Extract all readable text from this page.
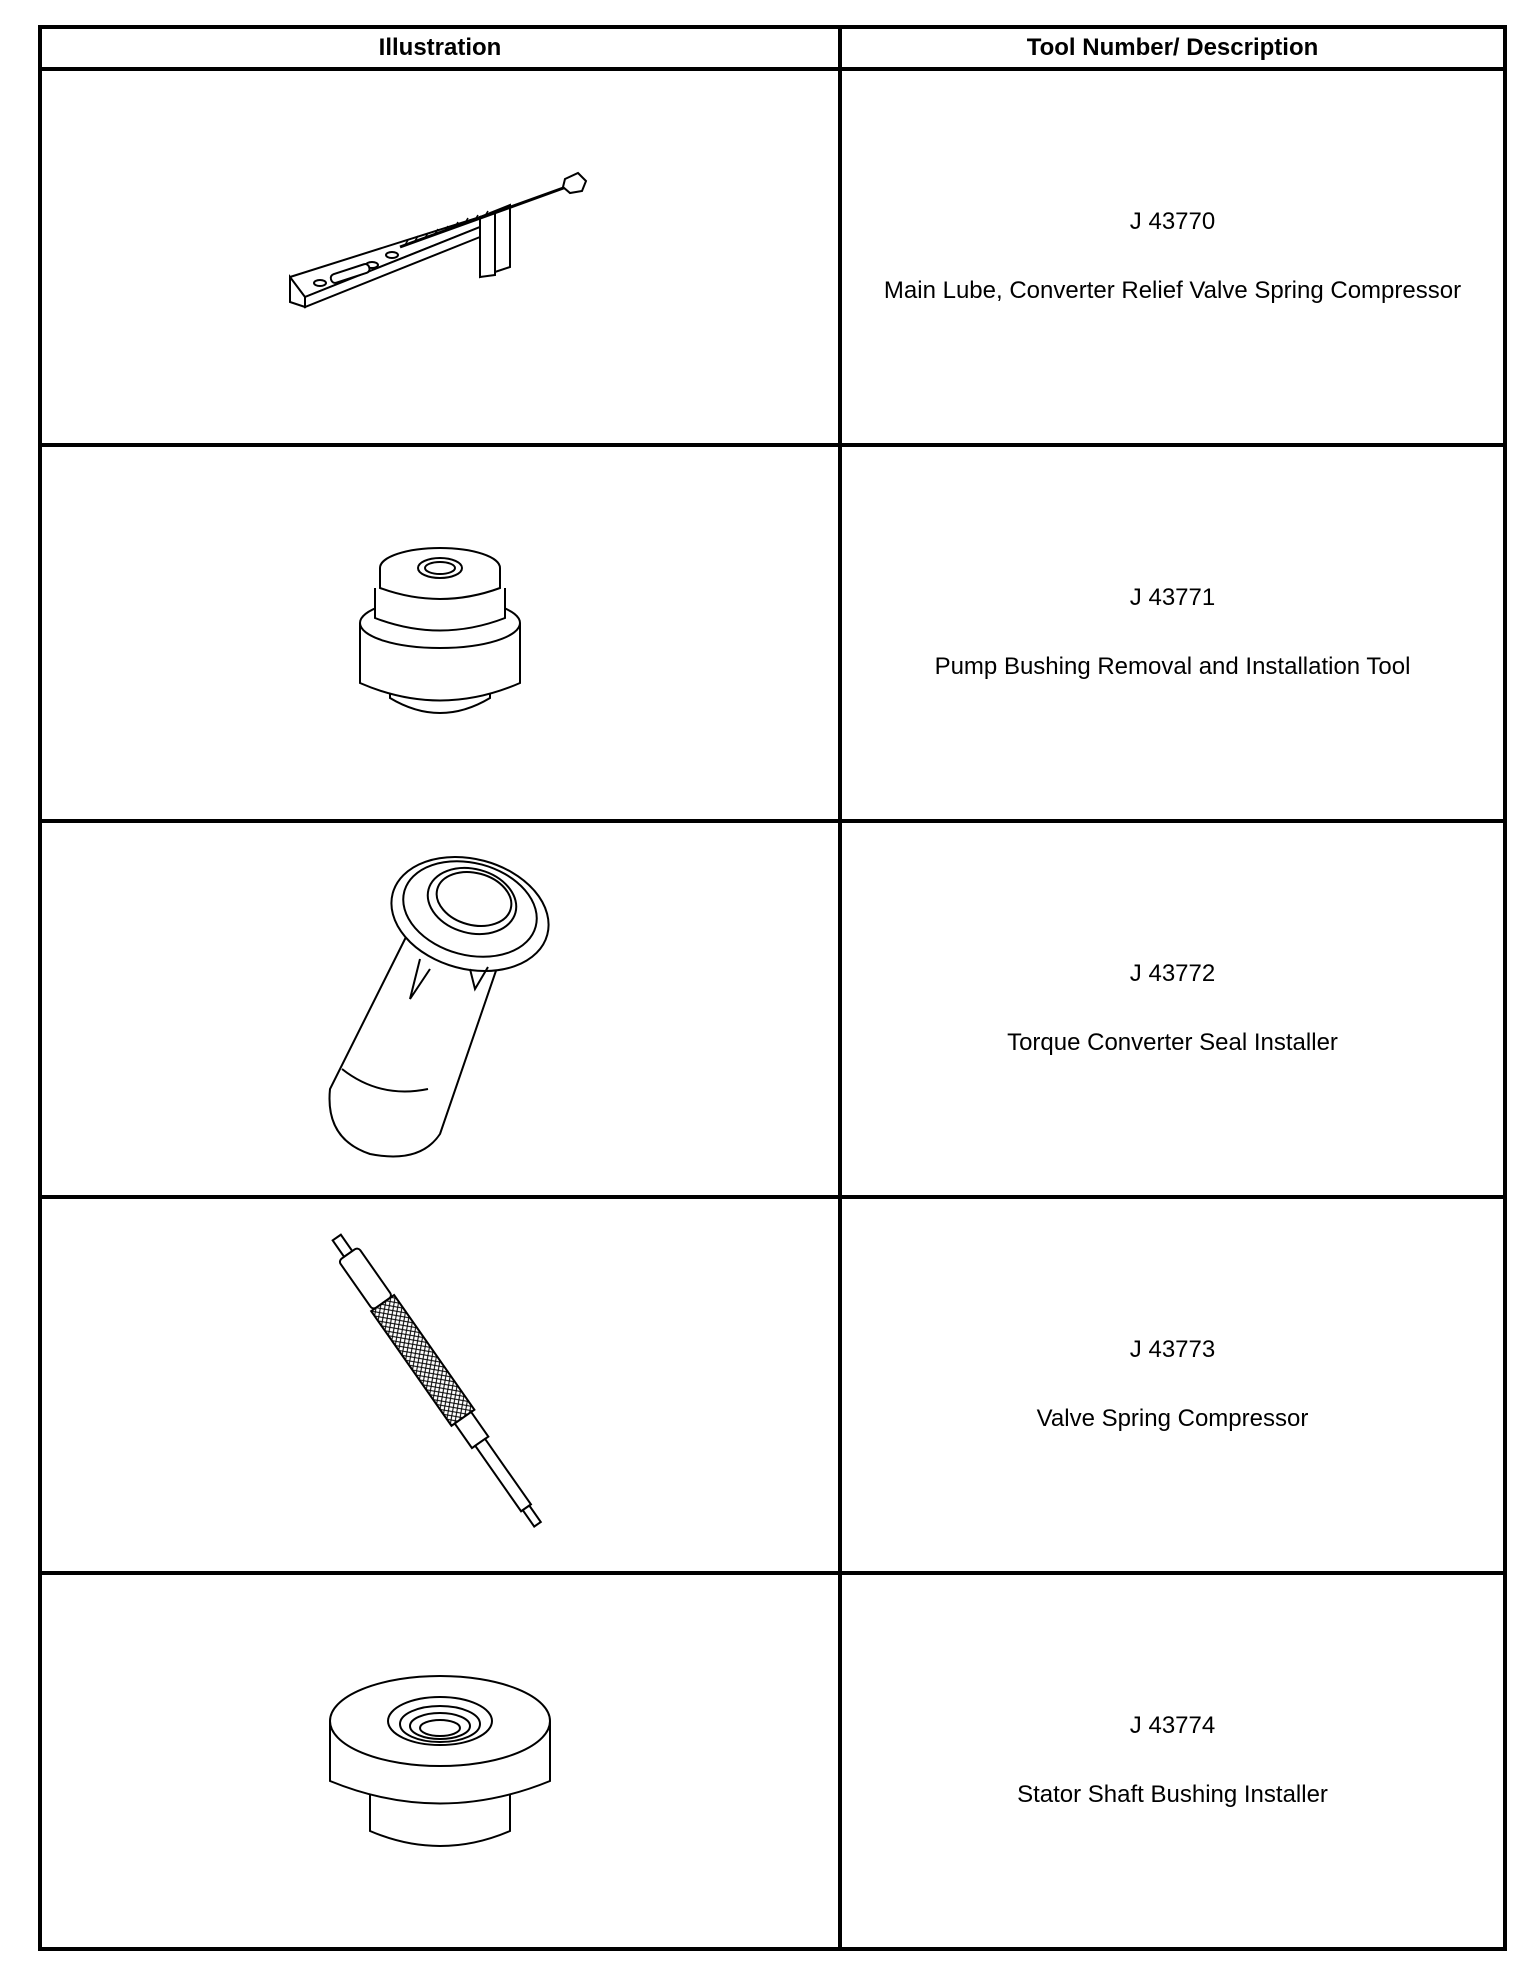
Illustration	Tool Number/ Description

J 43770
Main Lube, Converter Relief Valve Spring Compressor

J 43771
Pump Bushing Removal and Installation Tool

J 43772
Torque Converter Seal Installer

J 43773
Valve Spring Compressor

J 43774
Stator Shaft Bushing Installer
